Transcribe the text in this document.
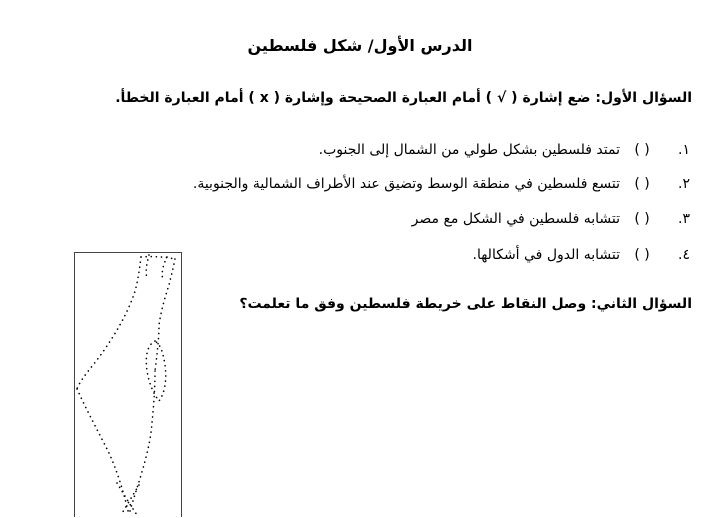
الدرس الأول/ شكل فلسطين
السؤال الأول: ضع إشارة ( √ ) أمام العبارة الصحيحة وإشارة ( x ) أمام العبارة الخطأ.
١.
( )
تمتد فلسطين بشكل طولي من الشمال إلى الجنوب.
٢.
( )
تتسع فلسطين في منطقة الوسط وتضيق عند الأطراف الشمالية والجنوبية.
٣.
( )
تتشابه فلسطين في الشكل مع مصر
٤.
( )
تتشابه الدول في أشكالها.
السؤال الثاني: وصل النقاط على خريطة فلسطين وفق ما تعلمت؟
